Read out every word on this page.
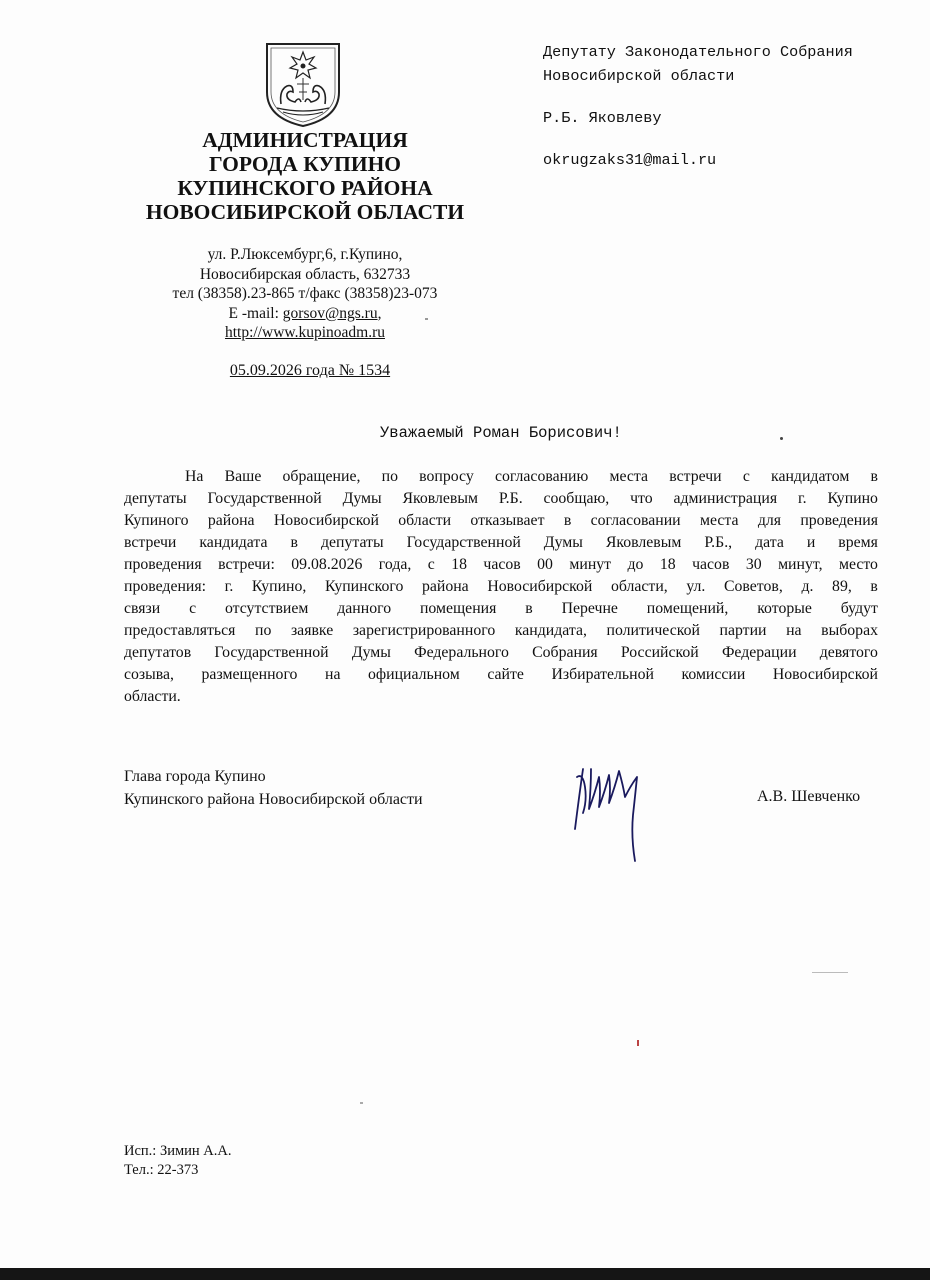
АДМИНИСТРАЦИЯ
ГОРОДА КУПИНО
КУПИНСКОГО РАЙОНА
НОВОСИБИРСКОЙ ОБЛАСТИ
ул. Р.Люксембург,6, г.Купино,
Новосибирская область, 632733
тел (38358).23-865 т/факс (38358)23-073
Е -mail: gorsov@ngs.ru,
http://www.kupinoadm.ru
05.09.2026 года № 1534
Депутату Законодательного Собрания
Новосибирской области
Р.Б. Яковлеву
okrugzaks31@mail.ru
Уважаемый Роман Борисович!
На Ваше обращение, по вопросу согласованию места встречи с кандидатом в
депутаты Государственной Думы Яковлевым Р.Б. сообщаю, что администрация г. Купино
Купиного района Новосибирской области отказывает в согласовании места для проведения
встречи кандидата в депутаты Государственной Думы Яковлевым Р.Б., дата и время
проведения встречи: 09.08.2026 года, с 18 часов 00 минут до 18 часов 30 минут, место
проведения: г. Купино, Купинского района Новосибирской области, ул. Советов, д. 89, в
связи с отсутствием данного помещения в Перечне помещений, которые будут
предоставляться по заявке зарегистрированного кандидата, политической партии на выборах
депутатов Государственной Думы Федерального Собрания Российской Федерации девятого
созыва, размещенного на официальном сайте Избирательной комиссии Новосибирской
области.
Глава города Купино
Купинского района Новосибирской области	А.В. Шевченко
Исп.: Зимин А.А.
Тел.: 22-373
